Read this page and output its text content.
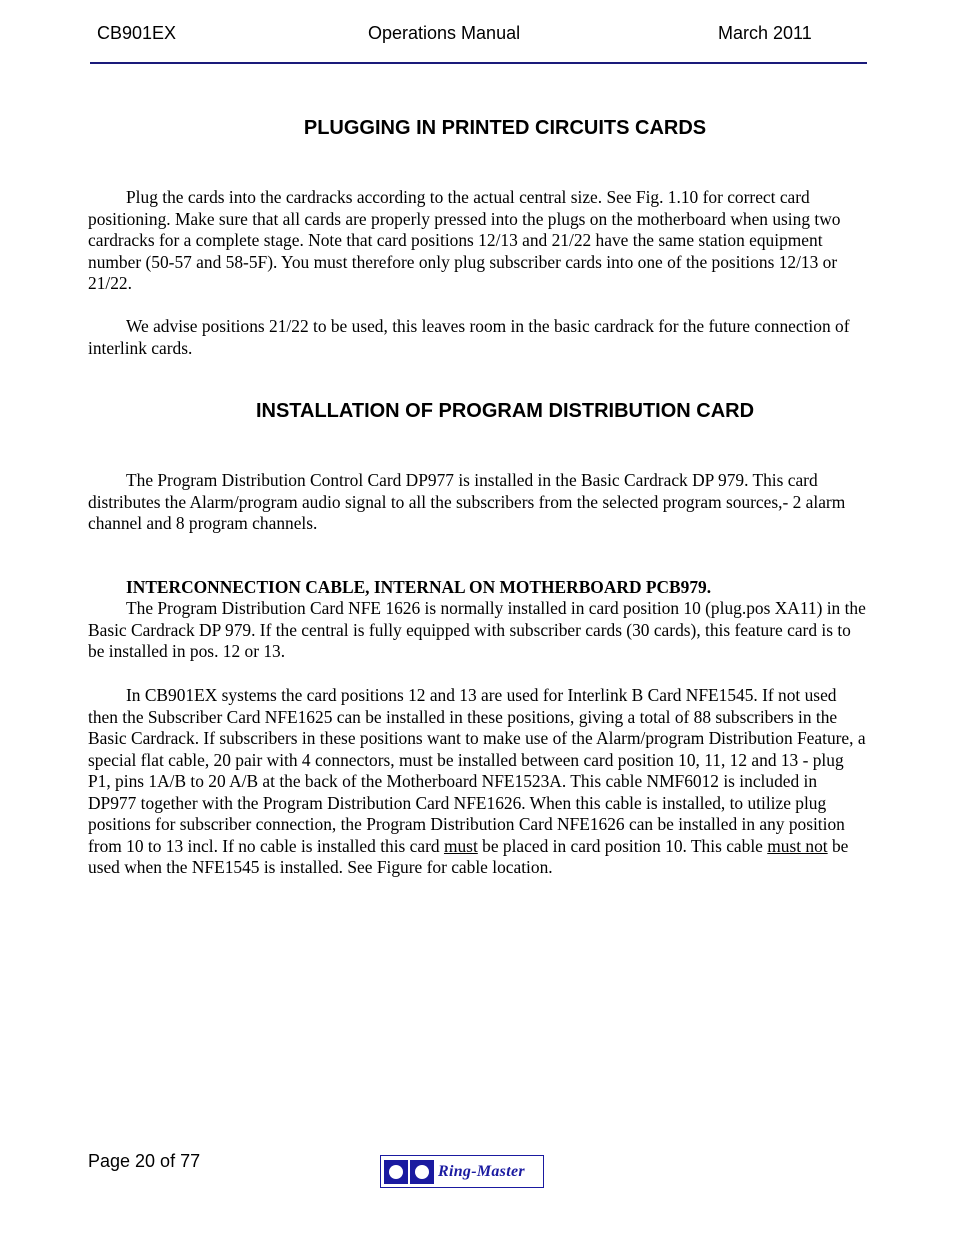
CB901EX	Operations Manual	March 2011
PLUGGING IN PRINTED CIRCUITS CARDS

Plug the cards into the cardracks according to the actual central size. See Fig. 1.10 for correct card positioning. Make sure that all cards are properly pressed into the plugs on the motherboard when using two cardracks for a complete stage. Note that card positions 12/13 and 21/22 have the same station equipment number (50-57 and 58-5F). You must therefore only plug subscriber cards into one of the positions 12/13 or 21/22.

We advise positions 21/22 to be used, this leaves room in the basic cardrack for the future connection of interlink cards.

INSTALLATION OF PROGRAM DISTRIBUTION CARD

The Program Distribution Control Card DP977 is installed in the Basic Cardrack DP 979. This card distributes the Alarm/program audio signal to all the subscribers from the selected program sources,- 2 alarm channel and 8 program channels.

INTERCONNECTION CABLE, INTERNAL ON MOTHERBOARD PCB979.

The Program Distribution Card NFE 1626 is normally installed in card position 10 (plug.pos XA11) in the Basic Cardrack DP 979. If the central is fully equipped with subscriber cards (30 cards), this feature card is to be installed in pos. 12 or 13.

In CB901EX systems the card positions 12 and 13 are used for Interlink B Card NFE1545. If not used then the Subscriber Card NFE1625 can be installed in these positions, giving a total of 88 subscribers in the Basic Cardrack. If subscribers in these positions want to make use of the Alarm/program Distribution Feature, a special flat cable, 20 pair with 4 connectors, must be installed between card position 10, 11, 12 and 13 - plug P1, pins 1A/B to 20 A/B at the back of the Motherboard NFE1523A. This cable NMF6012 is included in DP977 together with the Program Distribution Card NFE1626. When this cable is installed, to utilize plug positions for subscriber connection, the Program Distribution Card NFE1626 can be installed in any position from 10 to 13 incl. If no cable is installed this card must be placed in card position 10. This cable must not be used when the NFE1545 is installed. See Figure for cable location.

Page 20 of 77	Ring-Master
